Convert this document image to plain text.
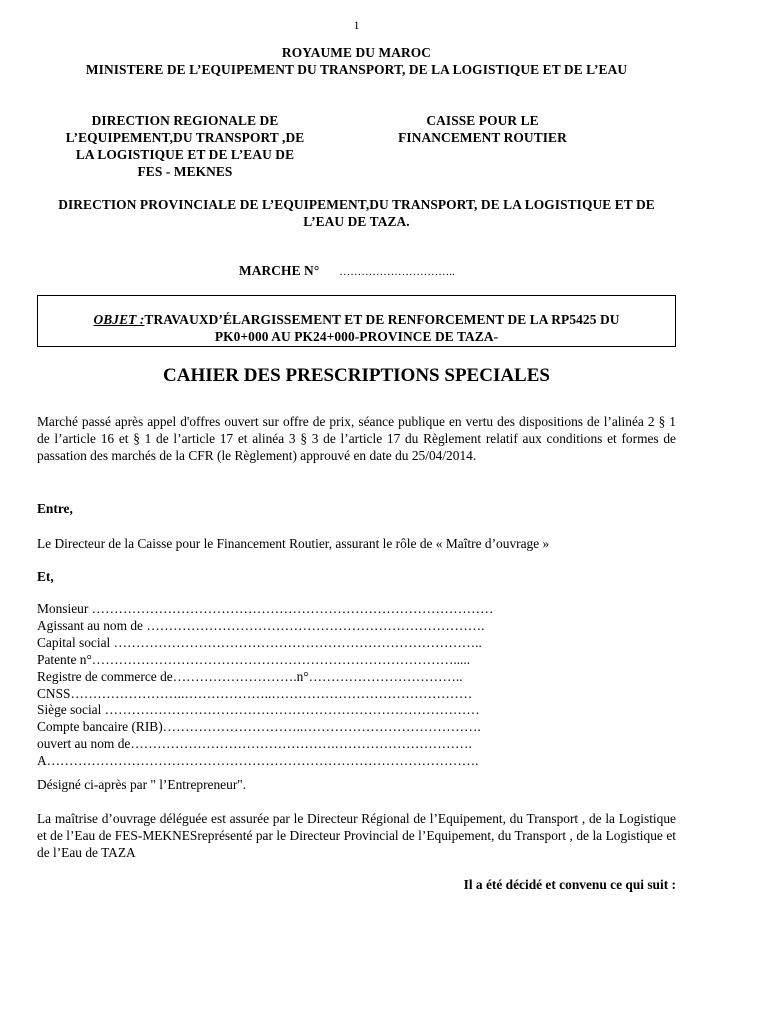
1
ROYAUME DU MAROC
MINISTERE DE L’EQUIPEMENT DU TRANSPORT, DE LA LOGISTIQUE ET DE L’EAU
DIRECTION REGIONALE DE
L’EQUIPEMENT,DU TRANSPORT ,DE
LA LOGISTIQUE ET DE L’EAU DE
FES - MEKNES
CAISSE POUR LE
FINANCEMENT ROUTIER
DIRECTION PROVINCIALE DE L’EQUIPEMENT,DU TRANSPORT, DE LA LOGISTIQUE ET DE
L’EAU DE TAZA.
MARCHE N° …………………………..
OBJET :TRAVAUXD’ÉLARGISSEMENT ET DE RENFORCEMENT DE LA RP5425 DU
PK0+000 AU PK24+000-PROVINCE DE TAZA-
CAHIER DES PRESCRIPTIONS SPECIALES
Marché passé après appel d'offres ouvert sur offre de prix, séance publique en vertu des dispositions de l’alinéa 2 § 1 de l’article 16 et § 1 de l’article 17 et alinéa 3 § 3 de l’article 17 du Règlement relatif aux conditions et formes de passation des marchés de la CFR (le Règlement) approuvé en date du 25/04/2014.
Entre,
Le Directeur de la Caisse pour le Financement Routier, assurant le rôle de « Maître d’ouvrage »
Et,
Monsieur ………………………………………………………………………………
Agissant au nom de ………………………………………………………………….
Capital social ………………………………………………………………………..
Patente n°……………………………………………………………………….....
Registre de commerce de……………………….n°……………………………..
CNSS……………………..………………..………………………………………
Siège social …………………………………………………………………………
Compte bancaire (RIB)…………………………..………………………………….
ouvert au nom de……………………………………….………………………….
A…………………………………………………………………………………….
Désigné ci-après par " l’Entrepreneur".
La maîtrise d’ouvrage déléguée est assurée par le Directeur Régional de l’Equipement, du Transport , de la Logistique et de l’Eau de FES-MEKNESreprésenté par le Directeur Provincial de l’Equipement, du Transport , de la Logistique et de l’Eau de TAZA
Il a été décidé et convenu ce qui suit :
